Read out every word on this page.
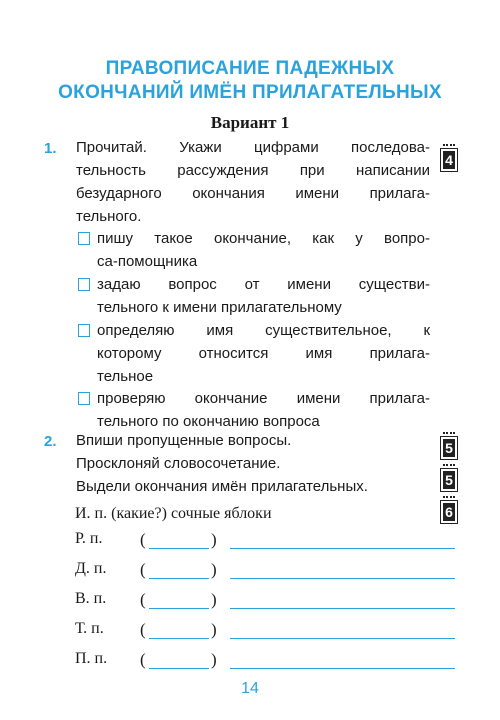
ПРАВОПИСАНИЕ ПАДЕЖНЫХ
ОКОНЧАНИЙ ИМЁН ПРИЛАГАТЕЛЬНЫХ
Вариант 1
1.
4
Прочитай. Укажи цифрами последова-
тельность рассуждения при написании
безударного окончания имени прилага-
тельного.
пишу такое окончание, как у вопро-
са-помощника
задаю вопрос от имени существи-
тельного к имени прилагательному
определяю имя существительное, к
которому относится имя прилага-
тельное
проверяю окончание имени прилага-
тельного по окончанию вопроса
2. Впиши пропущенные вопросы.
Просклоняй словосочетание.
Выдели окончания имён прилагательных.
5
5
6
И. п. (какие?) сочные яблоки
Р. п. (	)
Д. п. (	)
В. п. (	)
Т. п. (	)
П. п. (	)
14
